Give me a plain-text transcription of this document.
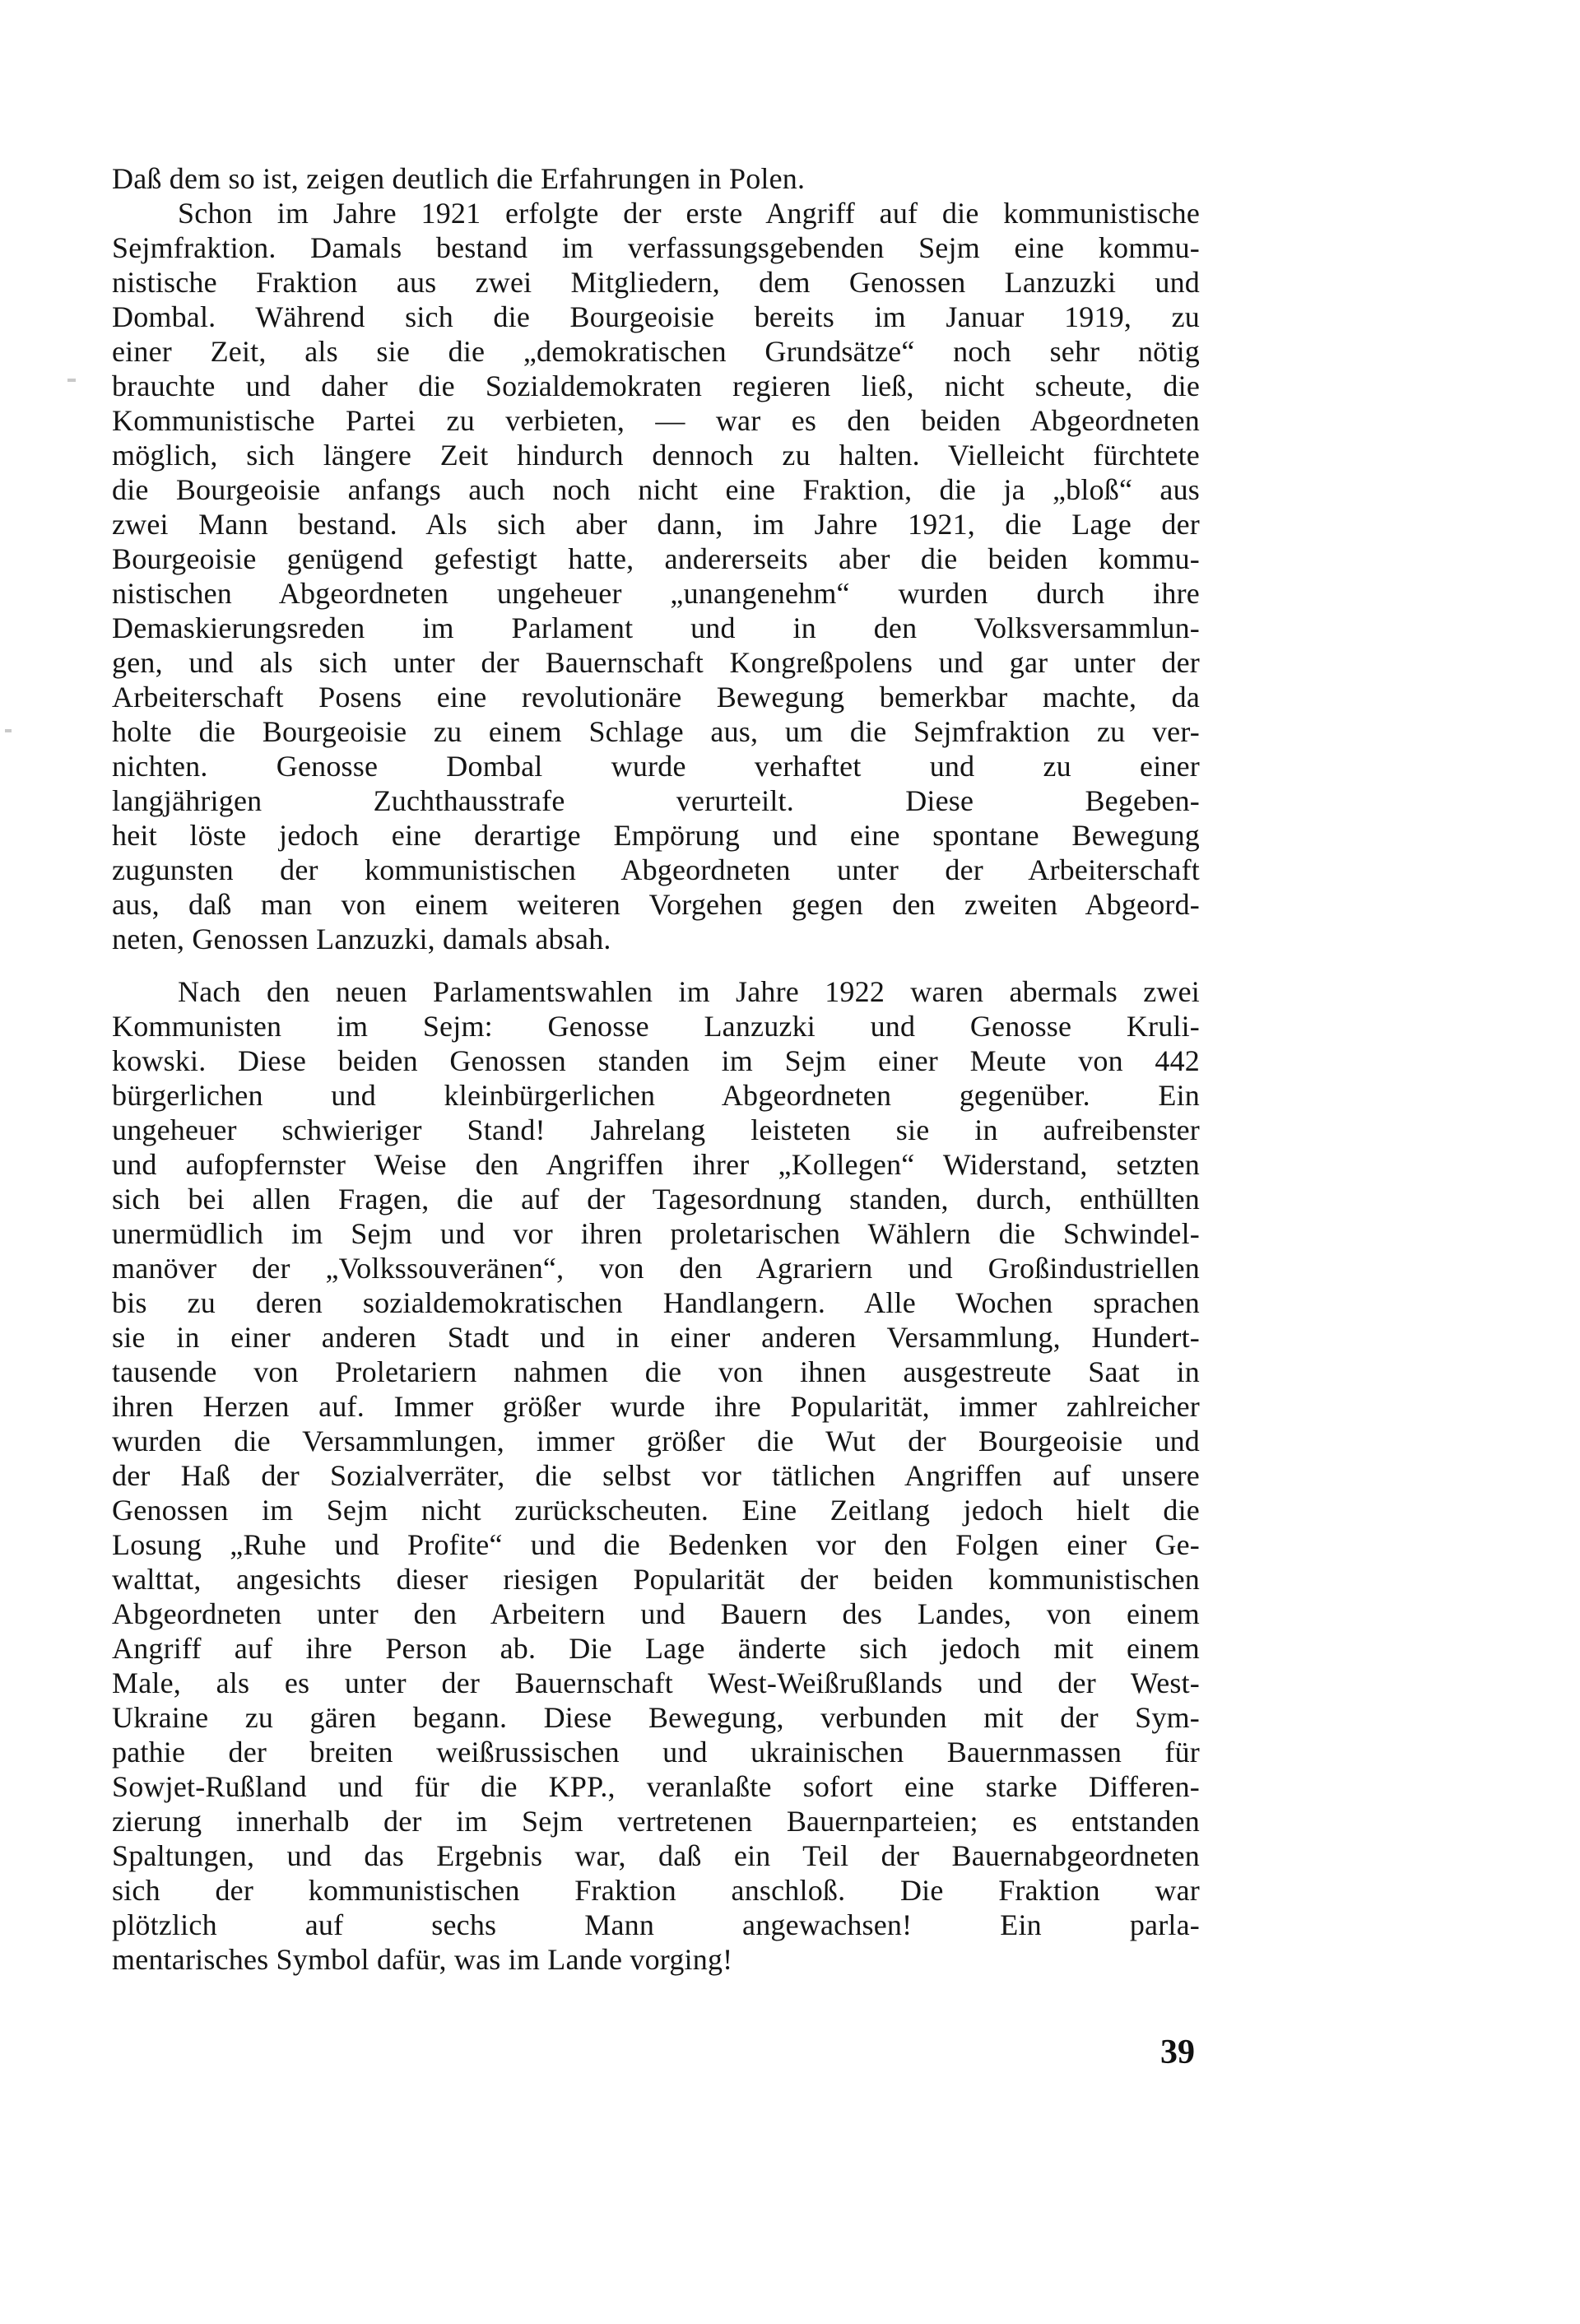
Daß dem so ist, zeigen deutlich die Erfahrungen in Polen.
Schon im Jahre 1921 erfolgte der erste Angriff auf die kommunistische
Sejmfraktion. Damals bestand im verfassungsgebenden Sejm eine kommu-
nistische Fraktion aus zwei Mitgliedern, dem Genossen Lanzuzki und
Dombal. Während sich die Bourgeoisie bereits im Januar 1919, zu
einer Zeit, als sie die „demokratischen Grundsätze“ noch sehr nötig
brauchte und daher die Sozialdemokraten regieren ließ, nicht scheute, die
Kommunistische Partei zu verbieten, — war es den beiden Abgeordneten
möglich, sich längere Zeit hindurch dennoch zu halten. Vielleicht fürchtete
die Bourgeoisie anfangs auch noch nicht eine Fraktion, die ja „bloß“ aus
zwei Mann bestand. Als sich aber dann, im Jahre 1921, die Lage der
Bourgeoisie genügend gefestigt hatte, andererseits aber die beiden kommu-
nistischen Abgeordneten ungeheuer „unangenehm“ wurden durch ihre
Demaskierungsreden im Parlament und in den Volksversammlun-
gen, und als sich unter der Bauernschaft Kongreßpolens und gar unter der
Arbeiterschaft Posens eine revolutionäre Bewegung bemerkbar machte, da
holte die Bourgeoisie zu einem Schlage aus, um die Sejmfraktion zu ver-
nichten. Genosse Dombal wurde verhaftet und zu einer
langjährigen Zuchthausstrafe verurteilt. Diese Begeben-
heit löste jedoch eine derartige Empörung und eine spontane Bewegung
zugunsten der kommunistischen Abgeordneten unter der Arbeiterschaft
aus, daß man von einem weiteren Vorgehen gegen den zweiten Abgeord-
neten, Genossen Lanzuzki, damals absah.
Nach den neuen Parlamentswahlen im Jahre 1922 waren abermals zwei
Kommunisten im Sejm: Genosse Lanzuzki und Genosse Kruli-
kowski. Diese beiden Genossen standen im Sejm einer Meute von 442
bürgerlichen und kleinbürgerlichen Abgeordneten gegenüber. Ein
ungeheuer schwieriger Stand! Jahrelang leisteten sie in aufreibenster
und aufopfernster Weise den Angriffen ihrer „Kollegen“ Widerstand, setzten
sich bei allen Fragen, die auf der Tagesordnung standen, durch, enthüllten
unermüdlich im Sejm und vor ihren proletarischen Wählern die Schwindel-
manöver der „Volkssouveränen“, von den Agrariern und Großindustriellen
bis zu deren sozialdemokratischen Handlangern. Alle Wochen sprachen
sie in einer anderen Stadt und in einer anderen Versammlung, Hundert-
tausende von Proletariern nahmen die von ihnen ausgestreute Saat in
ihren Herzen auf. Immer größer wurde ihre Popularität, immer zahlreicher
wurden die Versammlungen, immer größer die Wut der Bourgeoisie und
der Haß der Sozialverräter, die selbst vor tätlichen Angriffen auf unsere
Genossen im Sejm nicht zurückscheuten. Eine Zeitlang jedoch hielt die
Losung „Ruhe und Profite“ und die Bedenken vor den Folgen einer Ge-
walttat, angesichts dieser riesigen Popularität der beiden kommunistischen
Abgeordneten unter den Arbeitern und Bauern des Landes, von einem
Angriff auf ihre Person ab. Die Lage änderte sich jedoch mit einem
Male, als es unter der Bauernschaft West-Weißrußlands und der West-
Ukraine zu gären begann. Diese Bewegung, verbunden mit der Sym-
pathie der breiten weißrussischen und ukrainischen Bauernmassen für
Sowjet-Rußland und für die KPP., veranlaßte sofort eine starke Differen-
zierung innerhalb der im Sejm vertretenen Bauernparteien; es entstanden
Spaltungen, und das Ergebnis war, daß ein Teil der Bauernabgeordneten
sich der kommunistischen Fraktion anschloß. Die Fraktion war
plötzlich auf sechs Mann angewachsen! Ein parla-
mentarisches Symbol dafür, was im Lande vorging!
39
